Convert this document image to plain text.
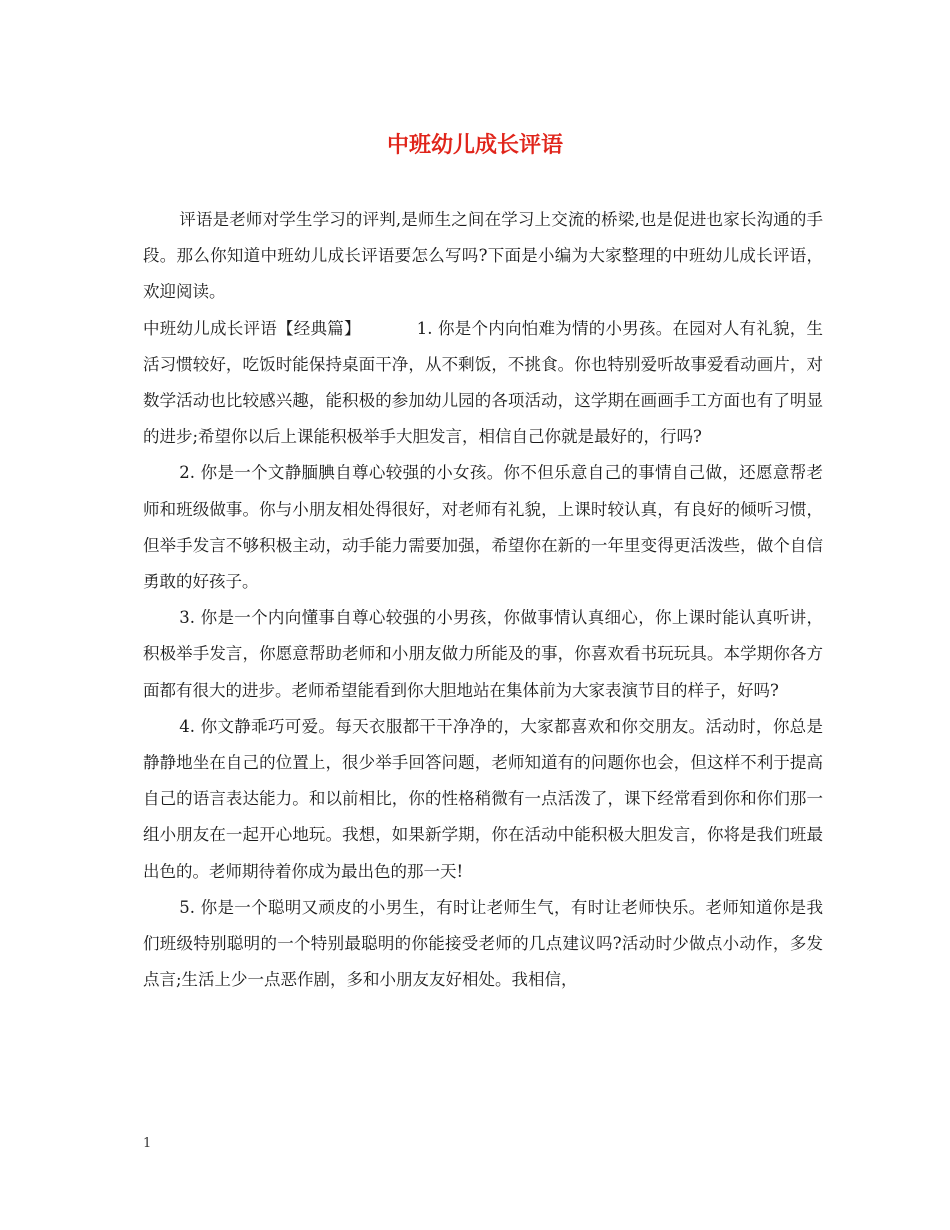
中班幼儿成长评语

评语是老师对学生学习的评判,是师生之间在学习上交流的桥梁,也是促进也家长沟通的手段。那么你知道中班幼儿成长评语要怎么写吗?下面是小编为大家整理的中班幼儿成长评语，欢迎阅读。

中班幼儿成长评语【经典篇】	1. 你是个内向怕难为情的小男孩。在园对人有礼貌，生活习惯较好，吃饭时能保持桌面干净，从不剩饭，不挑食。你也特别爱听故事爱看动画片，对数学活动也比较感兴趣，能积极的参加幼儿园的各项活动，这学期在画画手工方面也有了明显的进步;希望你以后上课能积极举手大胆发言，相信自己你就是最好的，行吗?

2. 你是一个文静腼腆自尊心较强的小女孩。你不但乐意自己的事情自己做，还愿意帮老师和班级做事。你与小朋友相处得很好，对老师有礼貌，上课时较认真，有良好的倾听习惯，但举手发言不够积极主动，动手能力需要加强，希望你在新的一年里变得更活泼些，做个自信勇敢的好孩子。

3. 你是一个内向懂事自尊心较强的小男孩，你做事情认真细心，你上课时能认真听讲，积极举手发言，你愿意帮助老师和小朋友做力所能及的事，你喜欢看书玩玩具。本学期你各方面都有很大的进步。老师希望能看到你大胆地站在集体前为大家表演节目的样子，好吗?

4. 你文静乖巧可爱。每天衣服都干干净净的，大家都喜欢和你交朋友。活动时，你总是静静地坐在自己的位置上，很少举手回答问题，老师知道有的问题你也会，但这样不利于提高自己的语言表达能力。和以前相比，你的性格稍微有一点活泼了，课下经常看到你和你们那一组小朋友在一起开心地玩。我想，如果新学期，你在活动中能积极大胆发言，你将是我们班最出色的。老师期待着你成为最出色的那一天!

5. 你是一个聪明又顽皮的小男生，有时让老师生气，有时让老师快乐。老师知道你是我们班级特别聪明的一个特别最聪明的你能接受老师的几点建议吗?活动时少做点小动作，多发点言;生活上少一点恶作剧，多和小朋友友好相处。我相信，

1
